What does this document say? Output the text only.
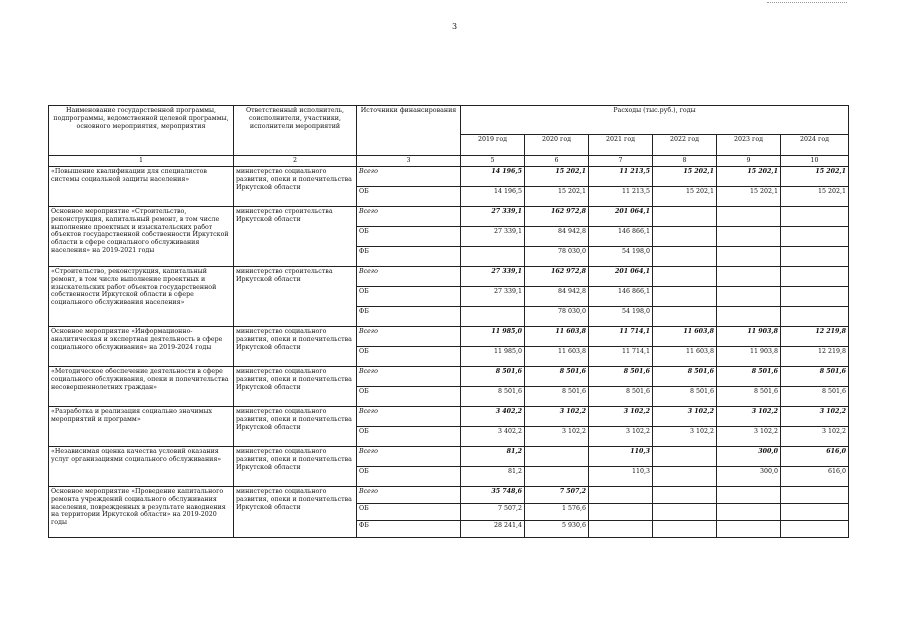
3
Наименование государственной программы, подпрограммы, ведомственной целевой программы, основного мероприятия, мероприятия	Ответственный исполнитель, соисполнители, участники, исполнители мероприятий	Источники финансирования	Расходы (тыс.руб.), годы					
			2019 год	2020 год	2021 год	2022 год	2023 год	2024 год
1	2	3	5	6	7	8	9	10
«Повышение квалификации для специалистов системы социальной защиты населения»	министерство социального развития, опеки и попечительства Иркутской области	Всего	14 196,5	15 202,1	11 213,5	15 202,1	15 202,1	15 202,1
		ОБ	14 196,5	15 202,1	11 213,5	15 202,1	15 202,1	15 202,1
Основное мероприятие «Строительство, реконструкция, капитальный ремонт, в том числе выполнение проектных и изыскательских работ объектов государственной собственности Иркутской области в сфере социального обслуживания населения» на 2019-2021 годы	министерство строительства Иркутской области	Всего	27 339,1	162 972,8	201 064,1			
		ОБ	27 339,1	84 942,8	146 866,1			
		ФБ		78 030,0	54 198,0			
«Строительство, реконструкция, капитальный ремонт, в том числе выполнение проектных и изыскательских работ объектов государственной собственности Иркутской области в сфере социального обслуживания населения»	министерство строительства Иркутской области	Всего	27 339,1	162 972,8	201 064,1			
		ОБ	27 339,1	84 942,8	146 866,1			
		ФБ		78 030,0	54 198,0			
Основное мероприятие «Информационно-аналитическая и экспертная деятельность в сфере социального обслуживания» на 2019-2024 годы	министерство социального развития, опеки и попечительства Иркутской области	Всего	11 985,0	11 603,8	11 714,1	11 603,8	11 903,8	12 219,8
		ОБ	11 985,0	11 603,8	11 714,1	11 603,8	11 903,8	12 219,8
«Методическое обеспечение деятельности в сфере социального обслуживания, опеки и попечительства несовершеннолетних граждан»	министерство социального развития, опеки и попечительства Иркутской области	Всего	8 501,6	8 501,6	8 501,6	8 501,6	8 501,6	8 501,6
		ОБ	8 501,6	8 501,6	8 501,6	8 501,6	8 501,6	8 501,6
«Разработка и реализация социально значимых мероприятий и программ»	министерство социального развития, опеки и попечительства Иркутской области	Всего	3 402,2	3 102,2	3 102,2	3 102,2	3 102,2	3 102,2
		ОБ	3 402,2	3 102,2	3 102,2	3 102,2	3 102,2	3 102,2
«Независимая оценка качества условий оказания услуг организациями социального обслуживания»	министерство социального развития, опеки и попечительства Иркутской области	Всего	81,2		110,3		300,0	616,0
		ОБ	81,2		110,3		300,0	616,0
Основное мероприятие «Проведение капитального ремонта учреждений социального обслуживания населения, поврежденных в результате наводнения на территории Иркутской области» на 2019-2020 годы	министерство социального развития, опеки и попечительства Иркутской области	Всего	35 748,6	7 507,2				
		ОБ	7 507,2	1 576,6				
		ФБ	28 241,4	5 930,6				
